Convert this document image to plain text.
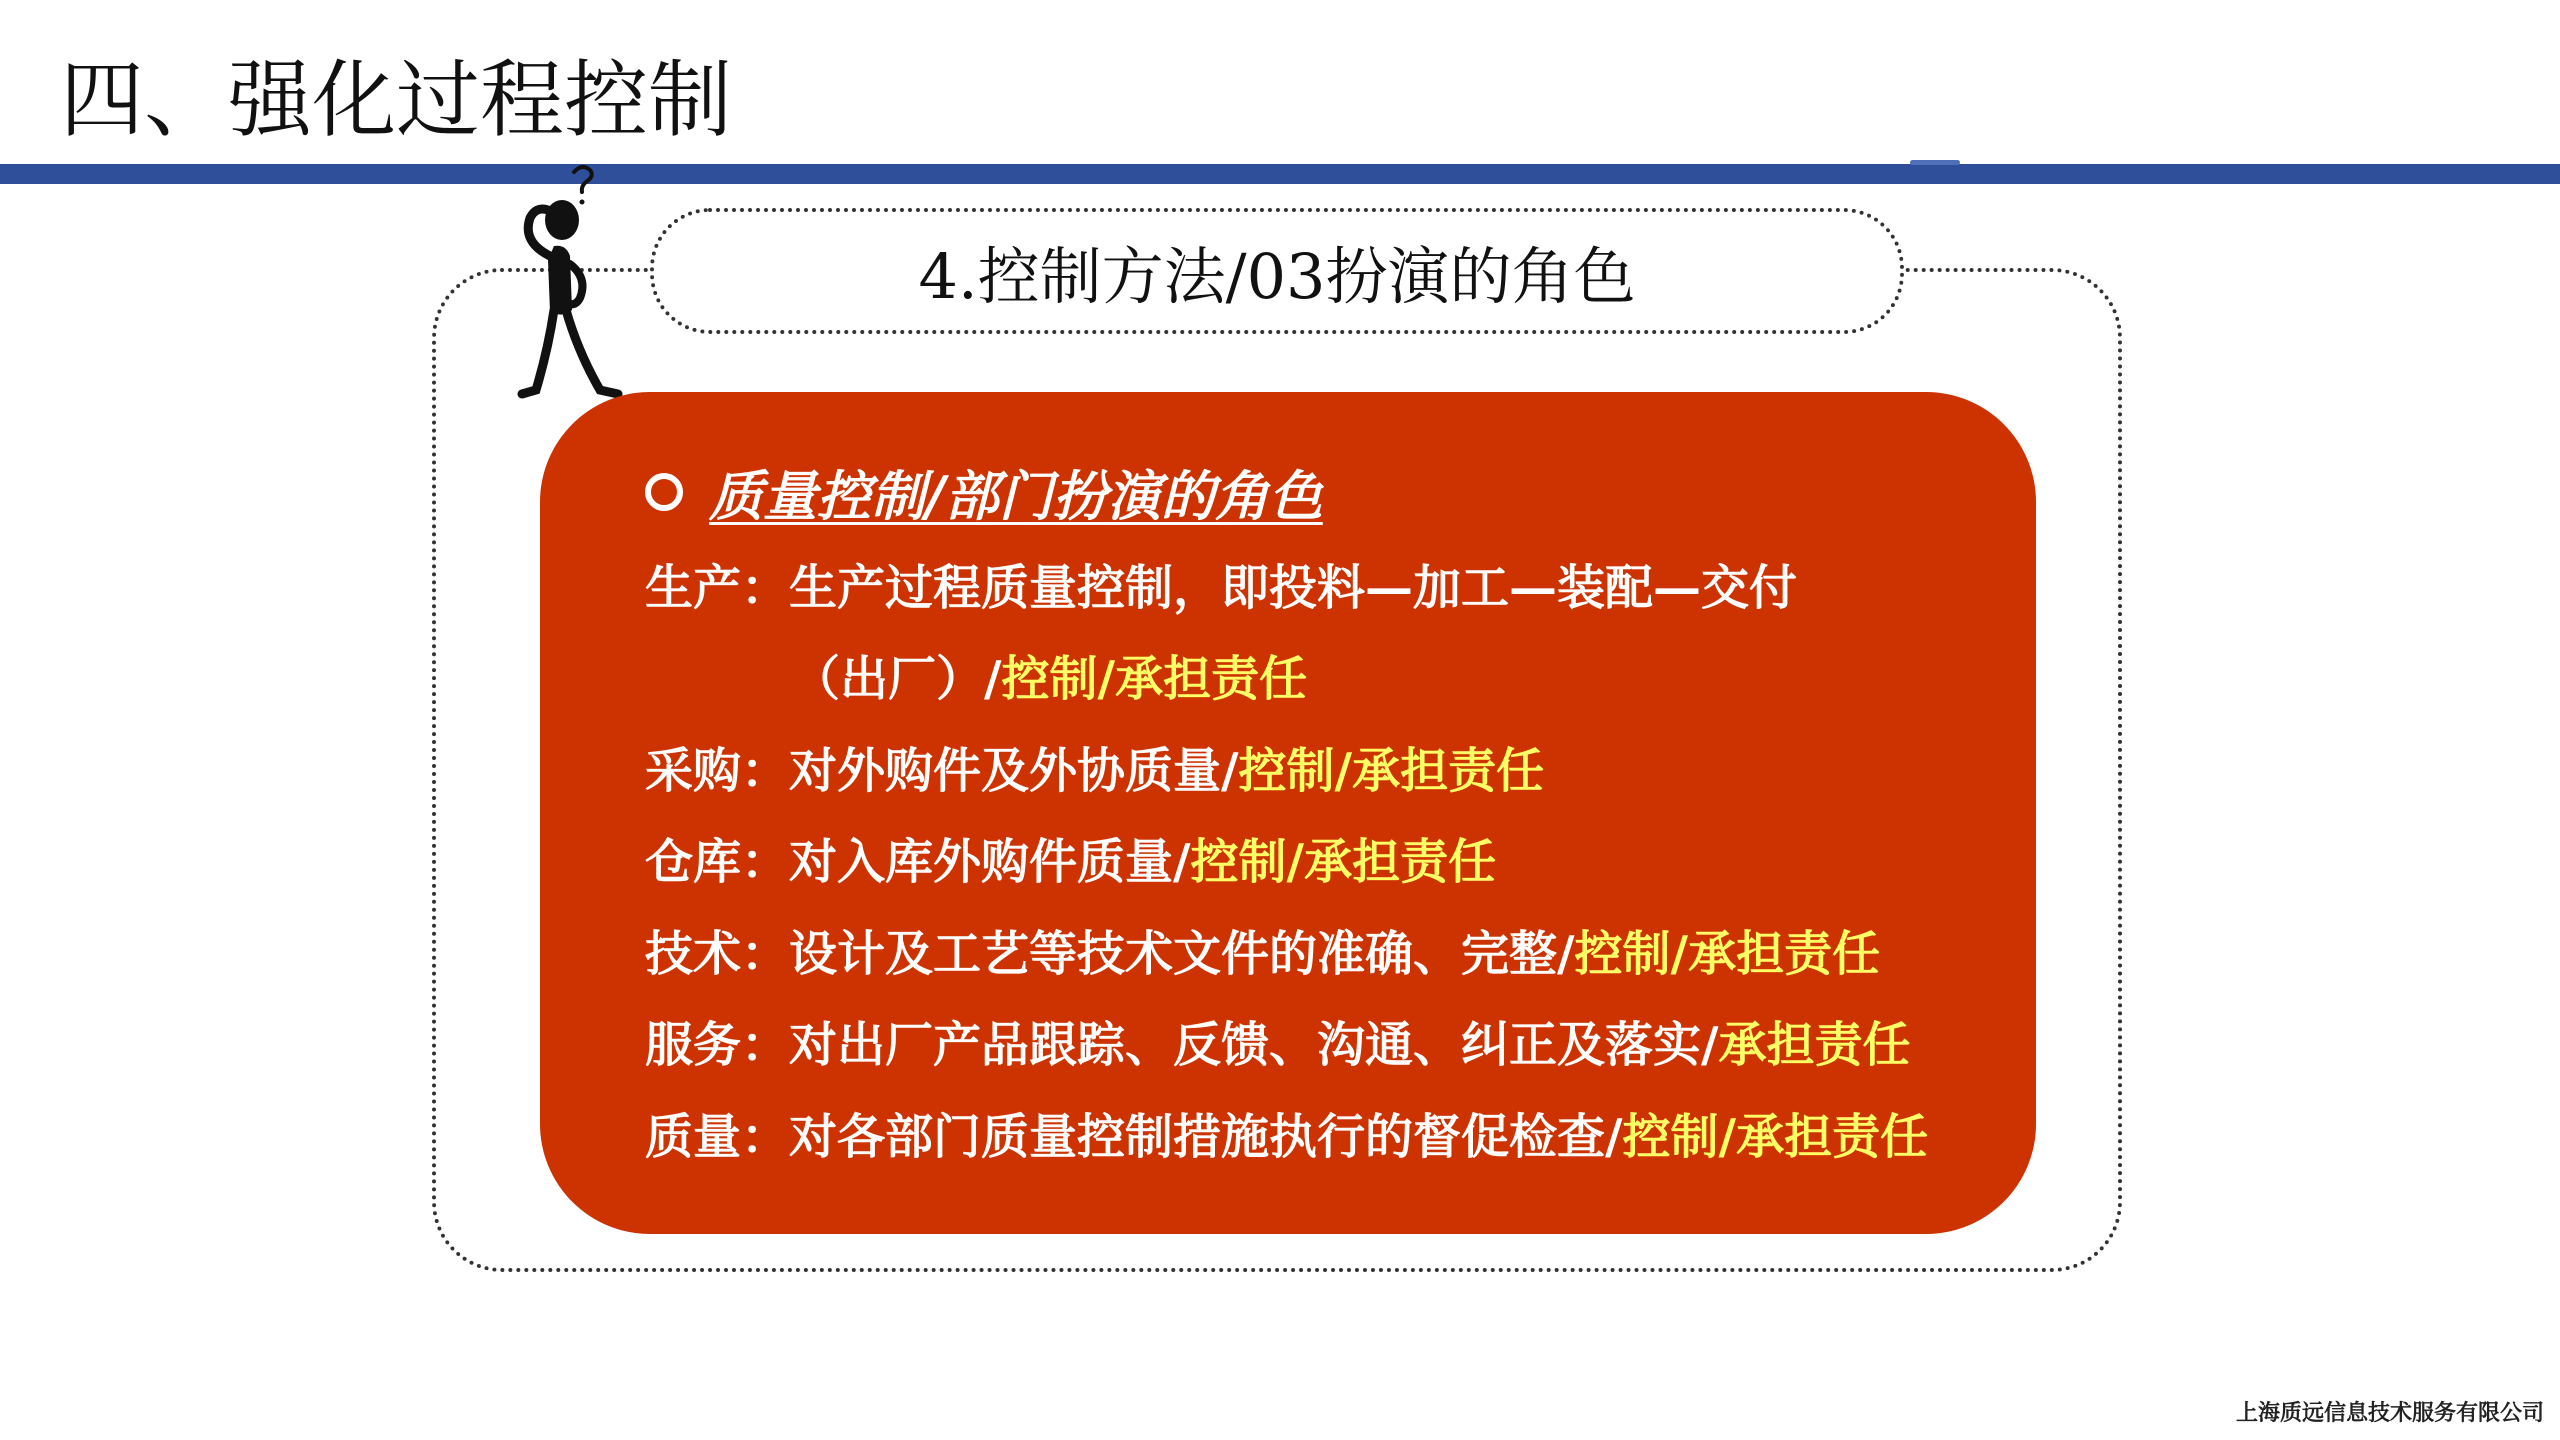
四、强化过程控制
4.控制方法/03扮演的角色
质量控制/部门扮演的角色
生产：生产过程质量控制，即投料—加工—装配—交付
（出厂）/控制/承担责任
采购：对外购件及外协质量/控制/承担责任
仓库：对入库外购件质量/控制/承担责任
技术：设计及工艺等技术文件的准确、完整/控制/承担责任
服务：对出厂产品跟踪、反馈、沟通、纠正及落实/承担责任
质量：对各部门质量控制措施执行的督促检查/控制/承担责任
上海质远信息技术服务有限公司
